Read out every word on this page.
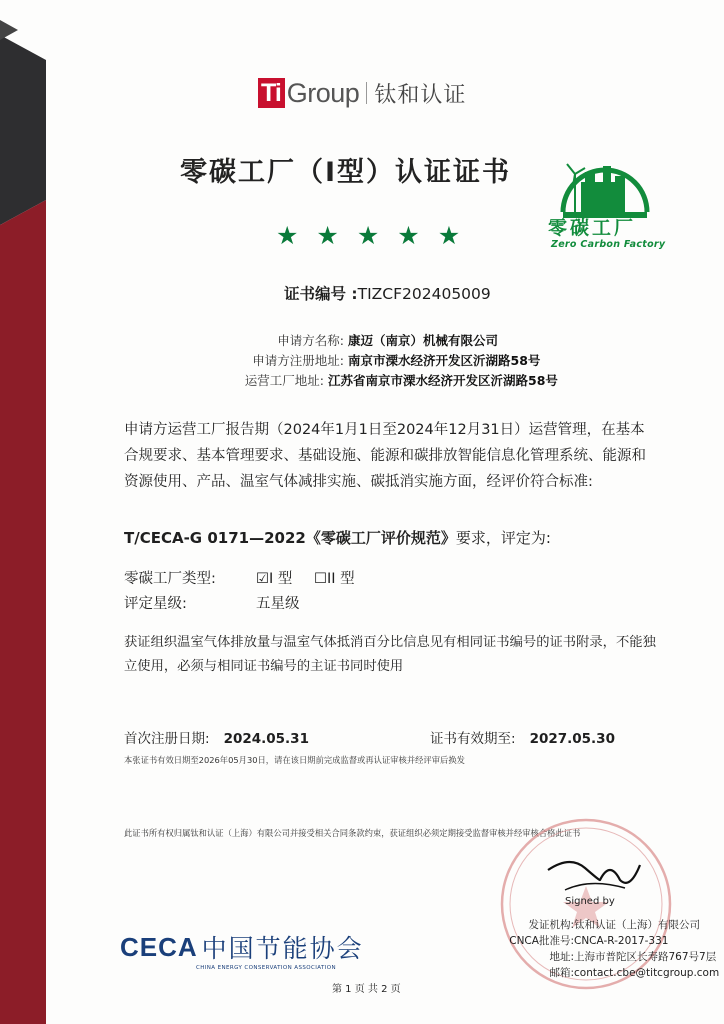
Ti Group 钛和认证
零碳工厂（I型）认证证书
★ ★ ★ ★ ★	零碳工厂
Zero Carbon Factory
证书编号 :TIZCF202405009
申请方名称: 康迈（南京）机械有限公司
申请方注册地址: 南京市溧水经济开发区沂湖路58号
运营工厂地址: 江苏省南京市溧水经济开发区沂湖路58号
申请方运营工厂报告期（2024年1月1日至2024年12月31日）运营管理，在基本合规要求、基本管理要求、基础设施、能源和碳排放智能信息化管理系统、能源和资源使用、产品、温室气体减排实施、碳抵消实施方面，经评价符合标准:
T/CECA-G 0171—2022《零碳工厂评价规范》要求，评定为:
零碳工厂类型:	☑I 型 ☐II 型
评定星级:	五星级
获证组织温室气体排放量与温室气体抵消百分比信息见有相同证书编号的证书附录，不能独立使用，必须与相同证书编号的主证书同时使用
首次注册日期: 2024.05.31	证书有效期至: 2027.05.30
本张证书有效日期至2026年05月30日，请在该日期前完成监督或再认证审核并经评审后换发
此证书所有权归属钛和认证（上海）有限公司并接受相关合同条款约束，获证组织必须定期接受监督审核并经审核合格此证书
Signed by
发证机构:钛和认证（上海）有限公司
CNCA批准号:CNCA-R-2017-331
地址:上海市普陀区长寿路767号7层
邮箱:contact.cbe@titcgroup.com
CECA 中国节能协会
CHINA ENERGY CONSERVATION ASSOCIATION
第 1 页 共 2 页
